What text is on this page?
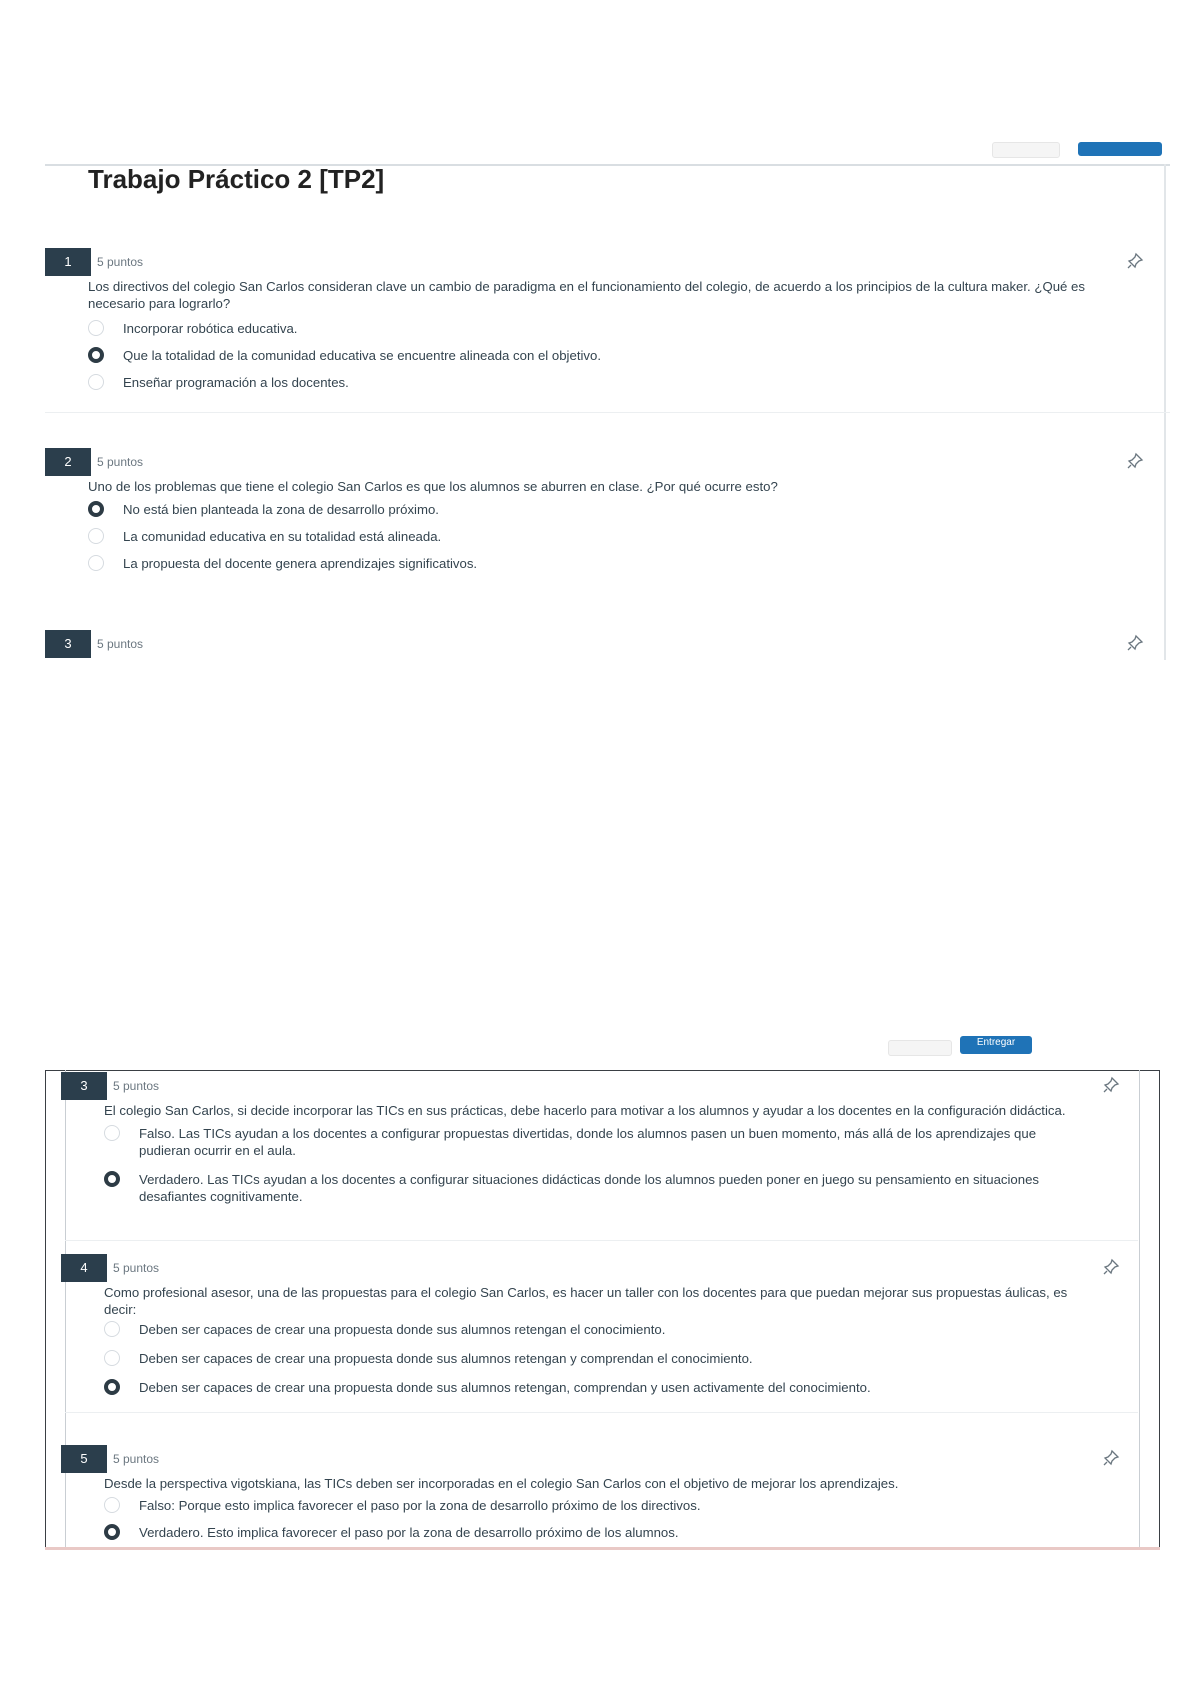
Trabajo Práctico 2 [TP2]
1	5 puntos
Los directivos del colegio San Carlos consideran clave un cambio de paradigma en el funcionamiento del colegio, de acuerdo a los principios de la cultura maker. ¿Qué es necesario para lograrlo?
Incorporar robótica educativa.
Que la totalidad de la comunidad educativa se encuentre alineada con el objetivo.
Enseñar programación a los docentes.
2	5 puntos
Uno de los problemas que tiene el colegio San Carlos es que los alumnos se aburren en clase. ¿Por qué ocurre esto?
No está bien planteada la zona de desarrollo próximo.
La comunidad educativa en su totalidad está alineada.
La propuesta del docente genera aprendizajes significativos.
3	5 puntos
Entregar
3	5 puntos
El colegio San Carlos, si decide incorporar las TICs en sus prácticas, debe hacerlo para motivar a los alumnos y ayudar a los docentes en la configuración didáctica.
Falso. Las TICs ayudan a los docentes a configurar propuestas divertidas, donde los alumnos pasen un buen momento, más allá de los aprendizajes que pudieran ocurrir en el aula.
Verdadero. Las TICs ayudan a los docentes a configurar situaciones didácticas donde los alumnos pueden poner en juego su pensamiento en situaciones desafiantes cognitivamente.
4	5 puntos
Como profesional asesor, una de las propuestas para el colegio San Carlos, es hacer un taller con los docentes para que puedan mejorar sus propuestas áulicas, es decir:
Deben ser capaces de crear una propuesta donde sus alumnos retengan el conocimiento.
Deben ser capaces de crear una propuesta donde sus alumnos retengan y comprendan el conocimiento.
Deben ser capaces de crear una propuesta donde sus alumnos retengan, comprendan y usen activamente del conocimiento.
5	5 puntos
Desde la perspectiva vigotskiana, las TICs deben ser incorporadas en el colegio San Carlos con el objetivo de mejorar los aprendizajes.
Falso: Porque esto implica favorecer el paso por la zona de desarrollo próximo de los directivos.
Verdadero. Esto implica favorecer el paso por la zona de desarrollo próximo de los alumnos.
